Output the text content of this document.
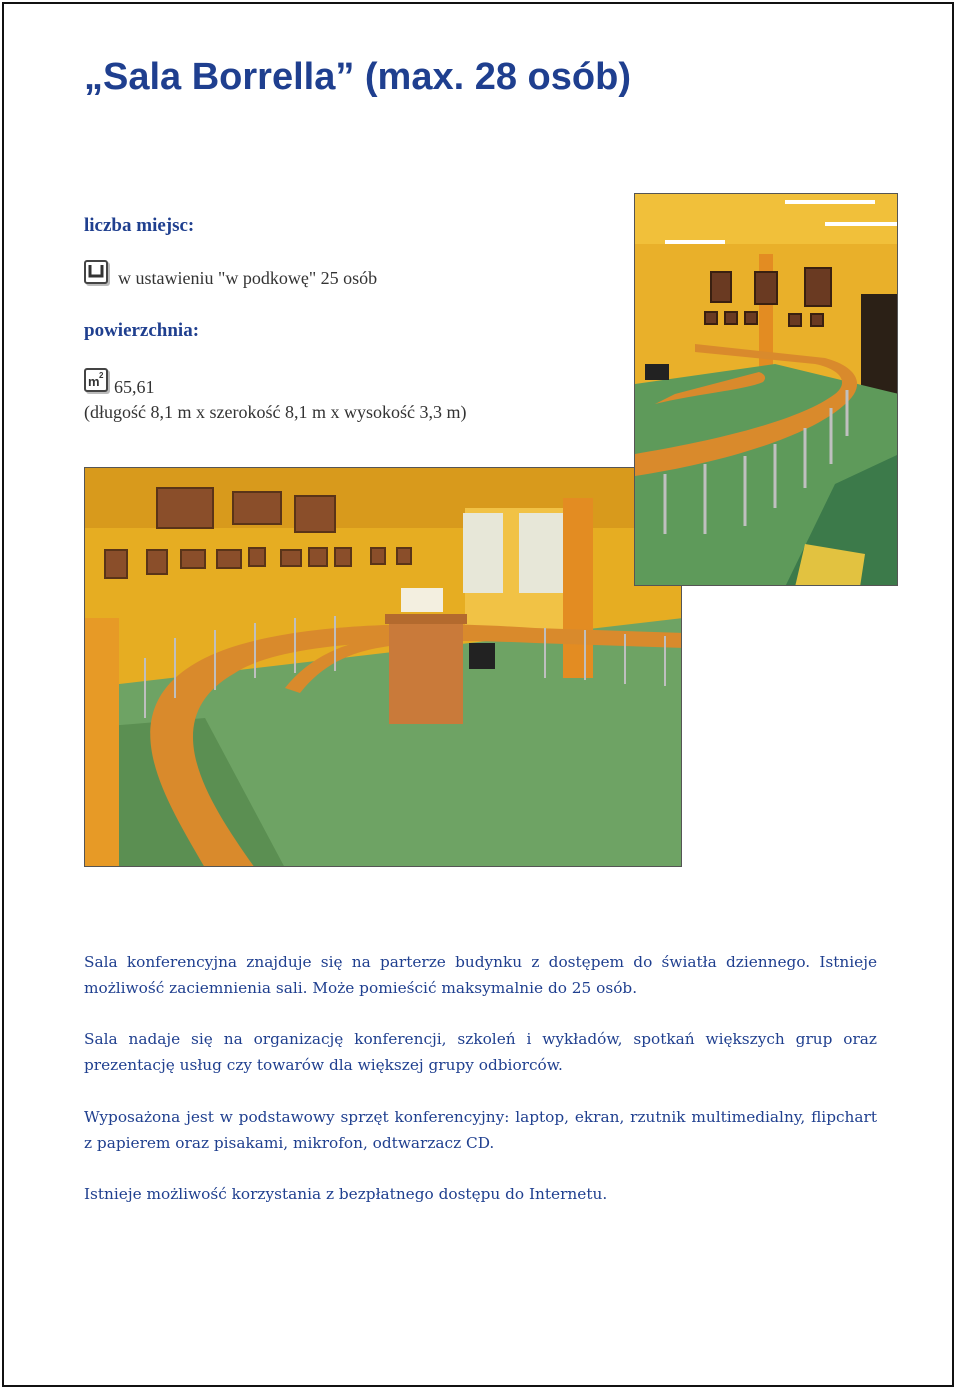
„Sala Borrella” (max. 28 osób)

liczba miejsc:

w ustawieniu "w podkowę" 25 osób

powierzchnia:

m 2

65,61

(długość 8,1 m x szerokość 8,1 m x wysokość 3,3 m)

Sala konferencyjna znajduje się na parterze budynku z dostępem do światła dziennego. Istnieje możliwość zaciemnienia sali. Może pomieścić maksymalnie do 25 osób.

Sala nadaje się na organizację konferencji, szkoleń i wykładów, spotkań większych grup oraz prezentację usług czy towarów dla większej grupy odbiorców.

Wyposażona jest w podstawowy sprzęt konferencyjny: laptop, ekran, rzutnik multimedialny, flipchart z papierem oraz pisakami, mikrofon, odtwarzacz CD.

Istnieje możliwość korzystania z bezpłatnego dostępu do Internetu.
